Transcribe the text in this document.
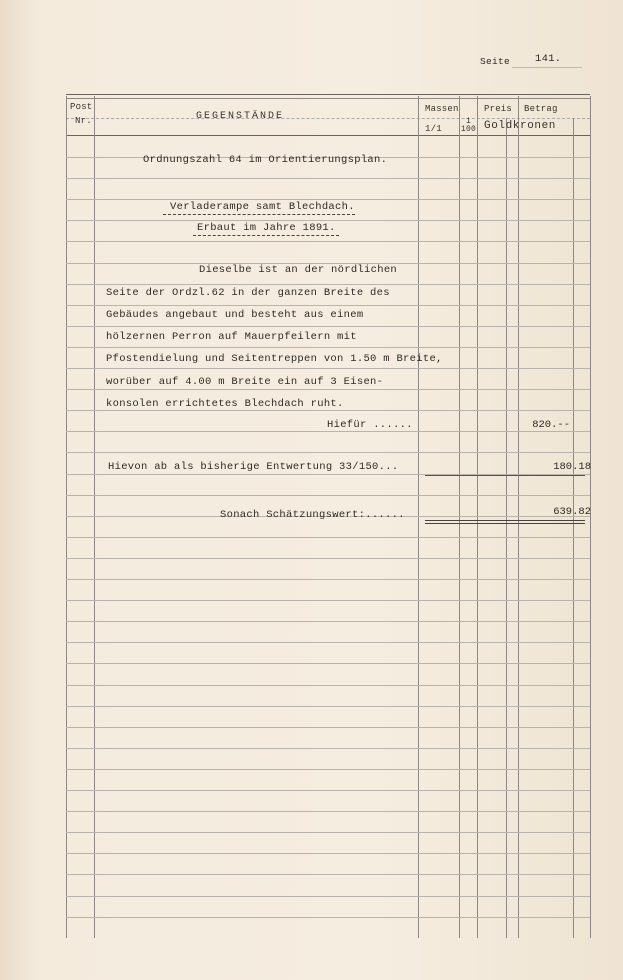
Seite 141.
Post
Nr.	GEGENSTÄNDE
Massen
1/1
1
100
Preis Betrag
Goldkronen
Ordnungszahl 64 im Orientierungsplan.
Verladerampe samt Blechdach.
Erbaut im Jahre 1891.
Dieselbe ist an der nördlichen
Seite der Ordzl.62 in der ganzen Breite des
Gebäudes angebaut und besteht aus einem
hölzernen Perron auf Mauerpfeilern mit
Pfostendielung und Seitentreppen von 1.50 m Breite,
worüber auf 4.00 m Breite ein auf 3 Eisen-
konsolen errichtetes Blechdach ruht.
Hiefür ......
Hievon ab als bisherige Entwertung 33/150...
Sonach Schätzungswert:......
820.--
180.18
639.82
